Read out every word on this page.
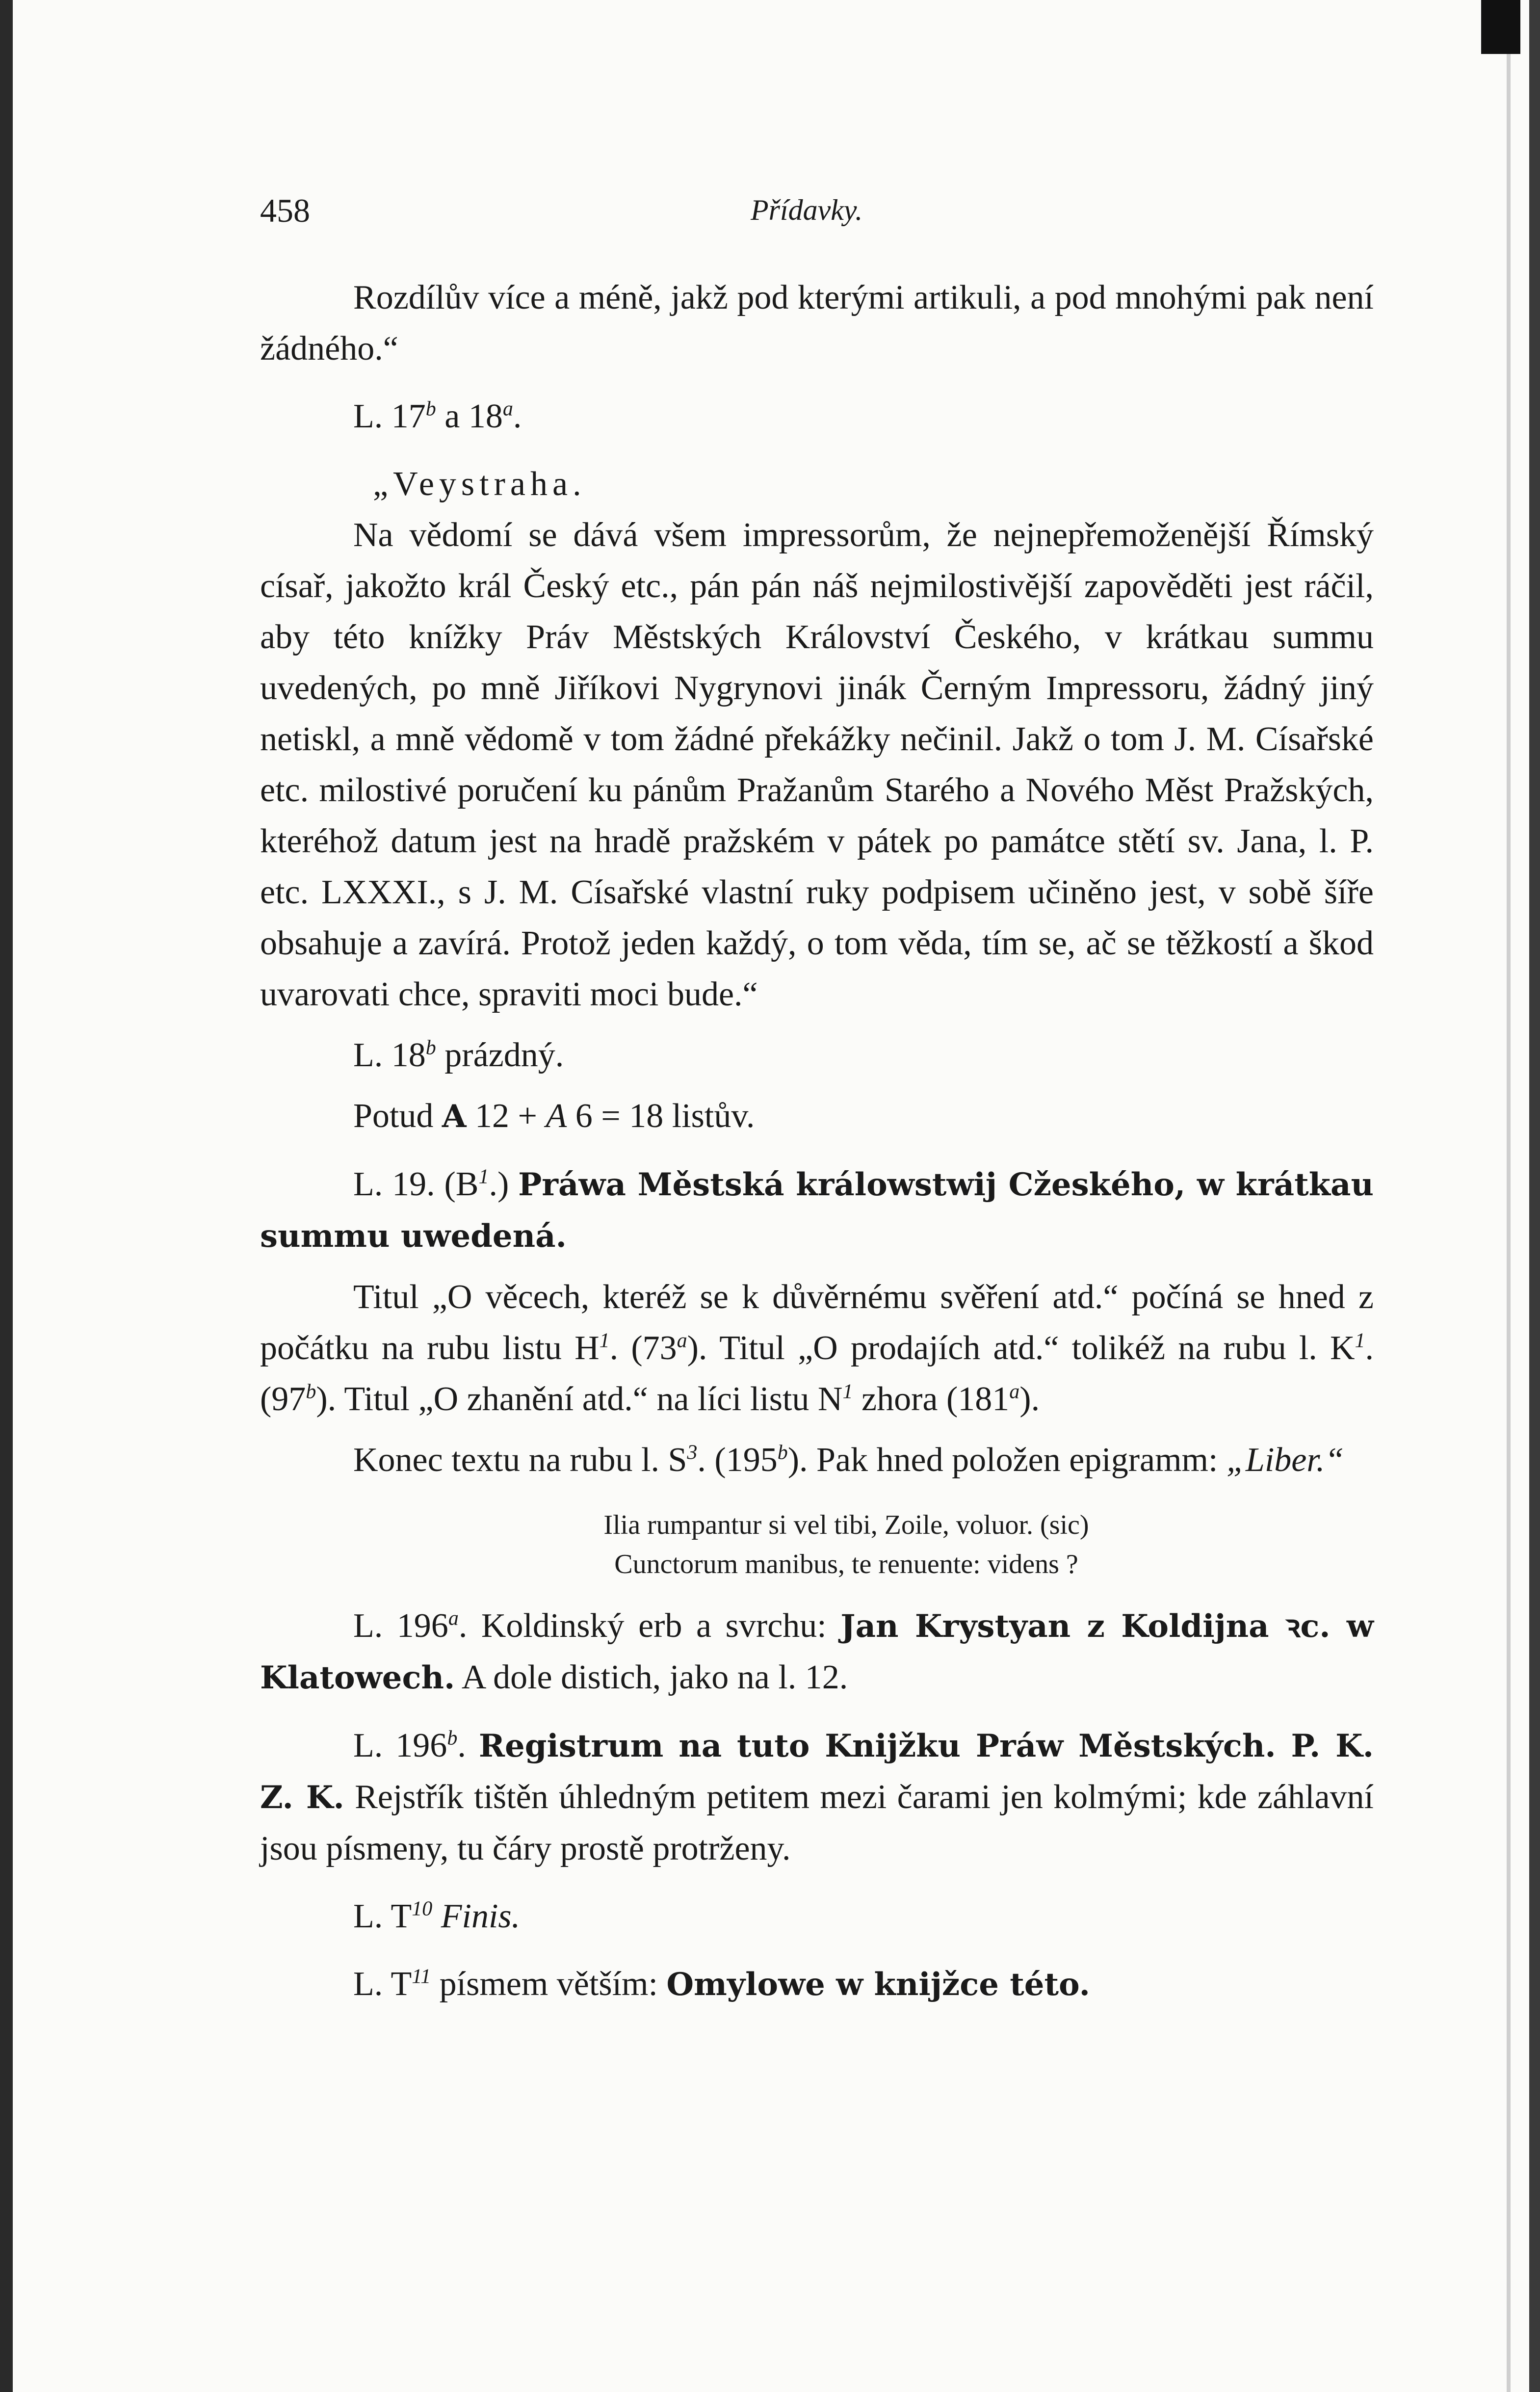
458	Přídavky.

Rozdílův více a méně, jakž pod kterými artikuli, a pod mnohými pak není žádného.“

L. 17$^b$ a 18$^a$.

„Veystraha.

Na vědomí se dává všem impressorům, že nejnepřemoženější Římský císař, jakožto král Český etc., pán pán náš nejmilostivější zapověděti jest ráčil, aby této knížky Práv Městských Království Českého, v krátkau summu uvedených, po mně Jiříkovi Nygrynovi jinák Černým Impressoru, žádný jiný netiskl, a mně vědomě v tom žádné překážky nečinil. Jakž o tom J. M. Císařské etc. milostivé poručení ku pánům Pražanům Starého a Nového Měst Pražských, kteréhož datum jest na hradě pražském v pátek po památce stětí sv. Jana, l. P. etc. LXXXI., s J. M. Císařské vlastní ruky podpisem učiněno jest, v sobě šíře obsahuje a zavírá. Protož jeden každý, o tom věda, tím se, ač se těžkostí a škod uvarovati chce, spraviti moci bude.“

L. 18$^b$ prázdný.

Potud A 12 + A 6 = 18 listův.

L. 19. $(B^1.)$ Práwa Městská králowstwij Cžeského, w krátkau summu uwedená.

Titul „O věcech, kteréž se k důvěrnému svěření atd.“ počíná se hned z počátku na rubu listu $H^1$. (73$^a$). Titul „O prodajích atd.“ tolikéž na rubu l. $K^1$. (97$^b$). Titul „O zhanění atd.“ na líci listu $N^1$ zhora (181$^a$).

Konec textu na rubu l. $S^3$. (195$^b$). Pak hned položen epigramm: „Liber.“

Ilia rumpantur si vel tibi, Zoile, voluor. (sic)

Cunctorum manibus, te renuente: videns ?

L. 196$^a$. Koldinský erb a svrchu: Jan Krystyan z Koldijna ꝛc. w Klatowech. A dole distich, jako na l. 12.

L. 196$^b$. Registrum na tuto Knijžku Práw Městských. P. K. Z. K. Rejstřík tištěn úhledným petitem mezi čarami jen kolmými; kde záhlavní jsou písmeny, tu čáry prostě protrženy.

L. $T^{10}$ Finis.

L. $T^{11}$ písmem větším: Omylowe w knijžce této.
